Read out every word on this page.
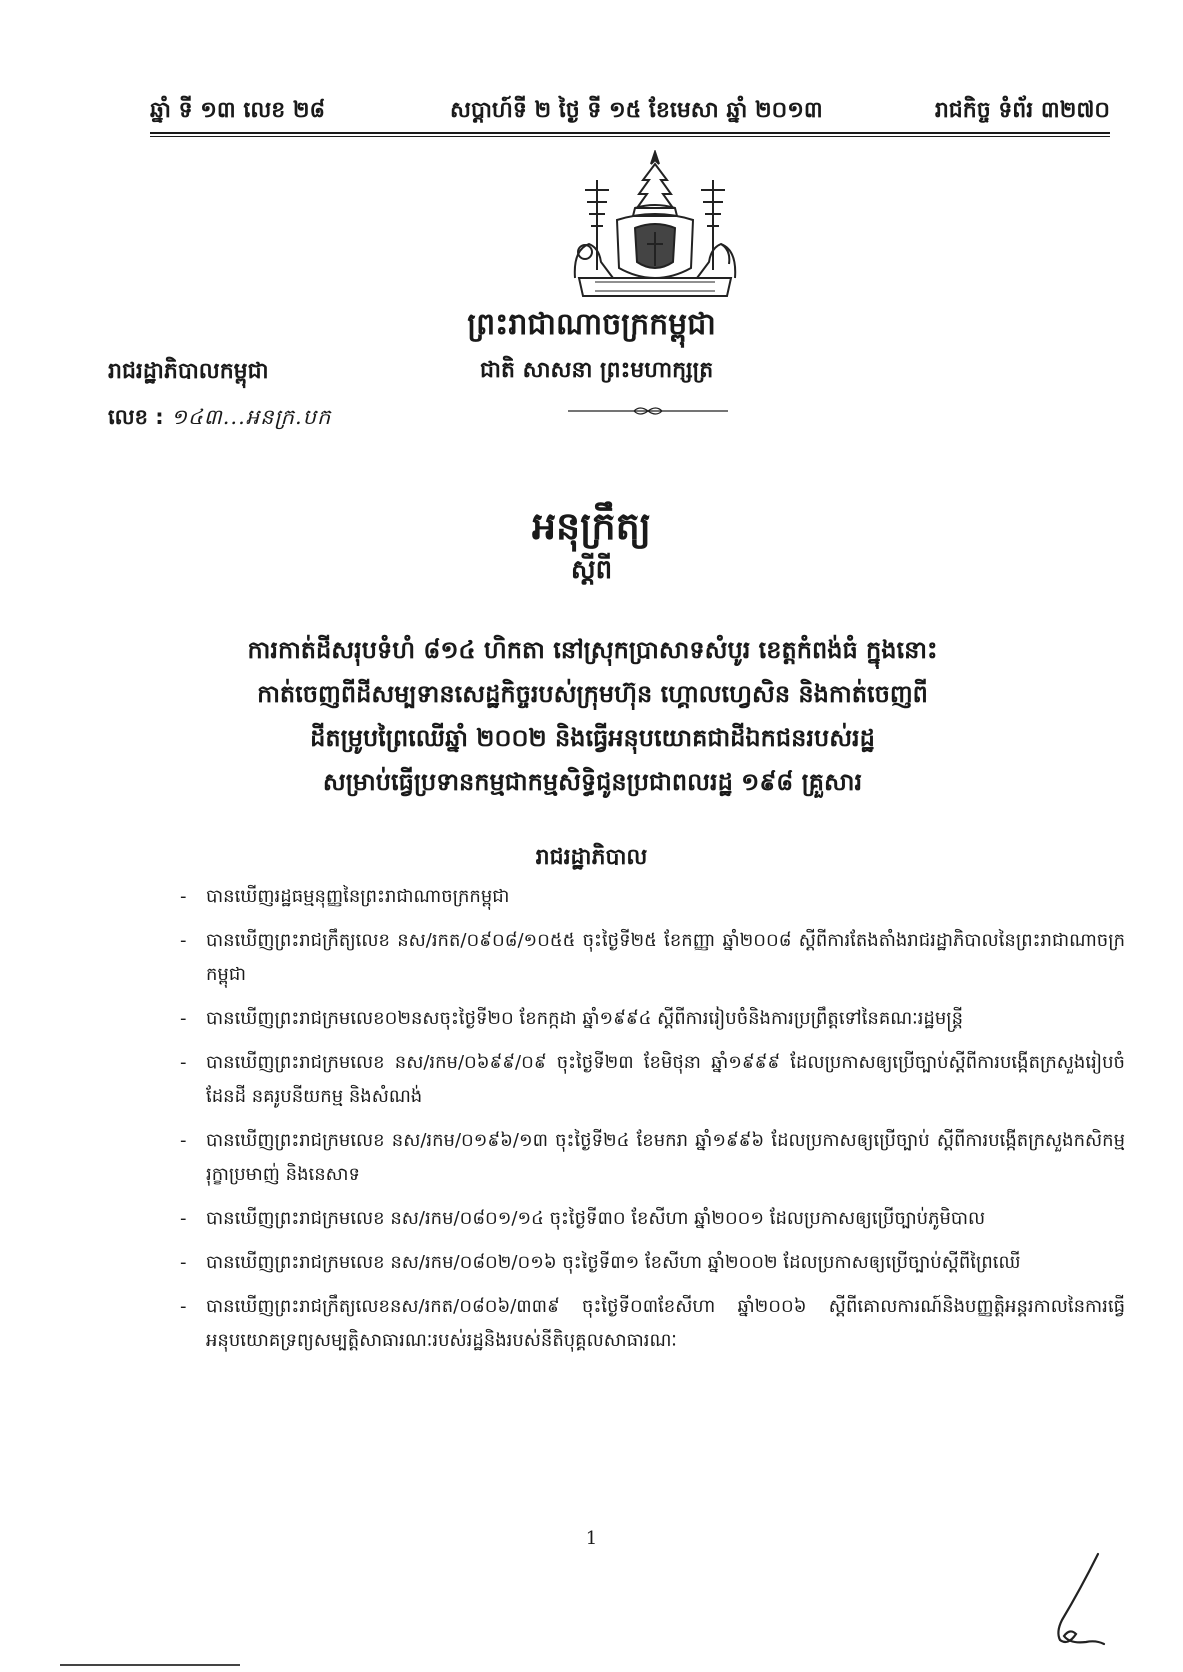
ឆ្នាំ ទី ១៣ លេខ ២៨	សប្តាហ៍ទី ២ ថ្ងៃ ទី ១៥ ខែមេសា ឆ្នាំ ២០១៣	រាជកិច្ច ទំព័រ ៣២៧០
ព្រះរាជាណាចក្រកម្ពុជា
ជាតិ សាសនា ព្រះមហាក្សត្រ
រាជរដ្ឋាភិបាលកម្ពុជា
លេខ : ១៤៣...អនក្រ.បក
អនុក្រឹត្យ
ស្តីពី
ការកាត់ដីសរុបទំហំ ៨១៤ ហិកតា នៅស្រុកប្រាសាទសំបូរ ខេត្តកំពង់ធំ ក្នុងនោះ
កាត់ចេញពីដីសម្បទានសេដ្ឋកិច្ចរបស់ក្រុមហ៊ុន ហ្គោលហ្វេសិន និងកាត់ចេញពី
ដីតម្រូបព្រៃឈើឆ្នាំ ២០០២ និងធ្វើអនុបយោគជាដីឯកជនរបស់រដ្ឋ
សម្រាប់ធ្វើប្រទានកម្មជាកម្មសិទ្ធិជូនប្រជាពលរដ្ឋ ១៩៨ គ្រួសារ
រាជរដ្ឋាភិបាល
- បានឃើញរដ្ឋធម្មនុញ្ញនៃព្រះរាជាណាចក្រកម្ពុជា
- បានឃើញព្រះរាជក្រឹត្យលេខ នស/រកត/០៩០៨/១០៥៥ ចុះថ្ងៃទី២៥ ខែកញ្ញា ឆ្នាំ២០០៨ ស្តីពីការតែងតាំងរាជរដ្ឋាភិបាលនៃព្រះរាជាណាចក្រកម្ពុជា
- បានឃើញព្រះរាជក្រមលេខ០២នសចុះថ្ងៃទី២០ ខែកក្កដា ឆ្នាំ១៩៩៤ ស្តីពីការរៀបចំនិងការប្រព្រឹត្តទៅនៃគណៈរដ្ឋមន្ត្រី
- បានឃើញព្រះរាជក្រមលេខ នស/រកម/០៦៩៩/០៩ ចុះថ្ងៃទី២៣ ខែមិថុនា ឆ្នាំ១៩៩៩ ដែលប្រកាសឲ្យប្រើច្បាប់ស្តីពីការបង្កើតក្រសួងរៀបចំដែនដី នគរូបនីយកម្ម និងសំណង់
- បានឃើញព្រះរាជក្រមលេខ នស/រកម/០១៩៦/១៣ ចុះថ្ងៃទី២៤ ខែមករា ឆ្នាំ១៩៩៦ ដែលប្រកាសឲ្យប្រើច្បាប់ ស្តីពីការបង្កើតក្រសួងកសិកម្ម រុក្ខាប្រមាញ់ និងនេសាទ
- បានឃើញព្រះរាជក្រមលេខ នស/រកម/០៨០១/១៤ ចុះថ្ងៃទី៣០ ខែសីហា ឆ្នាំ២០០១ ដែលប្រកាសឲ្យប្រើច្បាប់ភូមិបាល
- បានឃើញព្រះរាជក្រមលេខ នស/រកម/០៨០២/០១៦ ចុះថ្ងៃទី៣១ ខែសីហា ឆ្នាំ២០០២ ដែលប្រកាសឲ្យប្រើច្បាប់ស្តីពីព្រៃឈើ
- បានឃើញព្រះរាជក្រឹត្យលេខនស/រកត/០៨០៦/៣៣៩ ចុះថ្ងៃទី០៣ខែសីហា ឆ្នាំ២០០៦ ស្តីពីគោលការណ៍និងបញ្ញត្តិអន្តរកាលនៃការធ្វើអនុបយោគទ្រព្យសម្បត្តិសាធារណៈរបស់រដ្ឋនិងរបស់នីតិបុគ្គលសាធារណៈ
1
